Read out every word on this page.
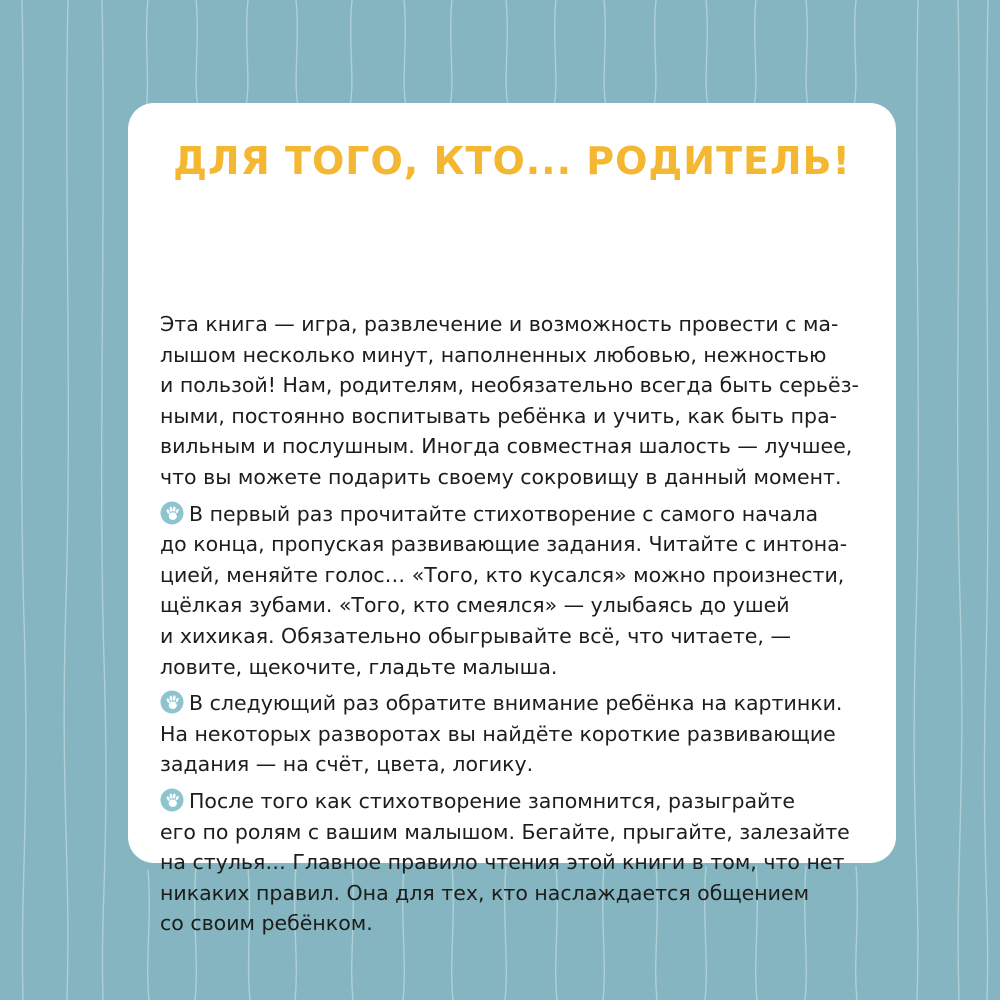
ДЛЯ ТОГО, КТО... РОДИТЕЛЬ!

Эта книга — игра, развлечение и возможность провести с ма-
лышом несколько минут, наполненных любовью, нежностью
и пользой! Нам, родителям, необязательно всегда быть серьёз-
ными, постоянно воспитывать ребёнка и учить, как быть пра-
вильным и послушным. Иногда совместная шалость — лучшее,
что вы можете подарить своему сокровищу в данный момент.

В первый раз прочитайте стихотворение с самого начала
до конца, пропуская развивающие задания. Читайте с интона-
цией, меняйте голос… «Того, кто кусался» можно произнести,
щёлкая зубами. «Того, кто смеялся» — улыбаясь до ушей
и хихикая. Обязательно обыгрывайте всё, что читаете, —
ловите, щекочите, гладьте малыша.

В следующий раз обратите внимание ребёнка на картинки.
На некоторых разворотах вы найдёте короткие развивающие
задания — на счёт, цвета, логику.

После того как стихотворение запомнится, разыграйте
его по ролям с вашим малышом. Бегайте, прыгайте, залезайте
на стулья… Главное правило чтения этой книги в том, что нет
никаких правил. Она для тех, кто наслаждается общением
со своим ребёнком.
